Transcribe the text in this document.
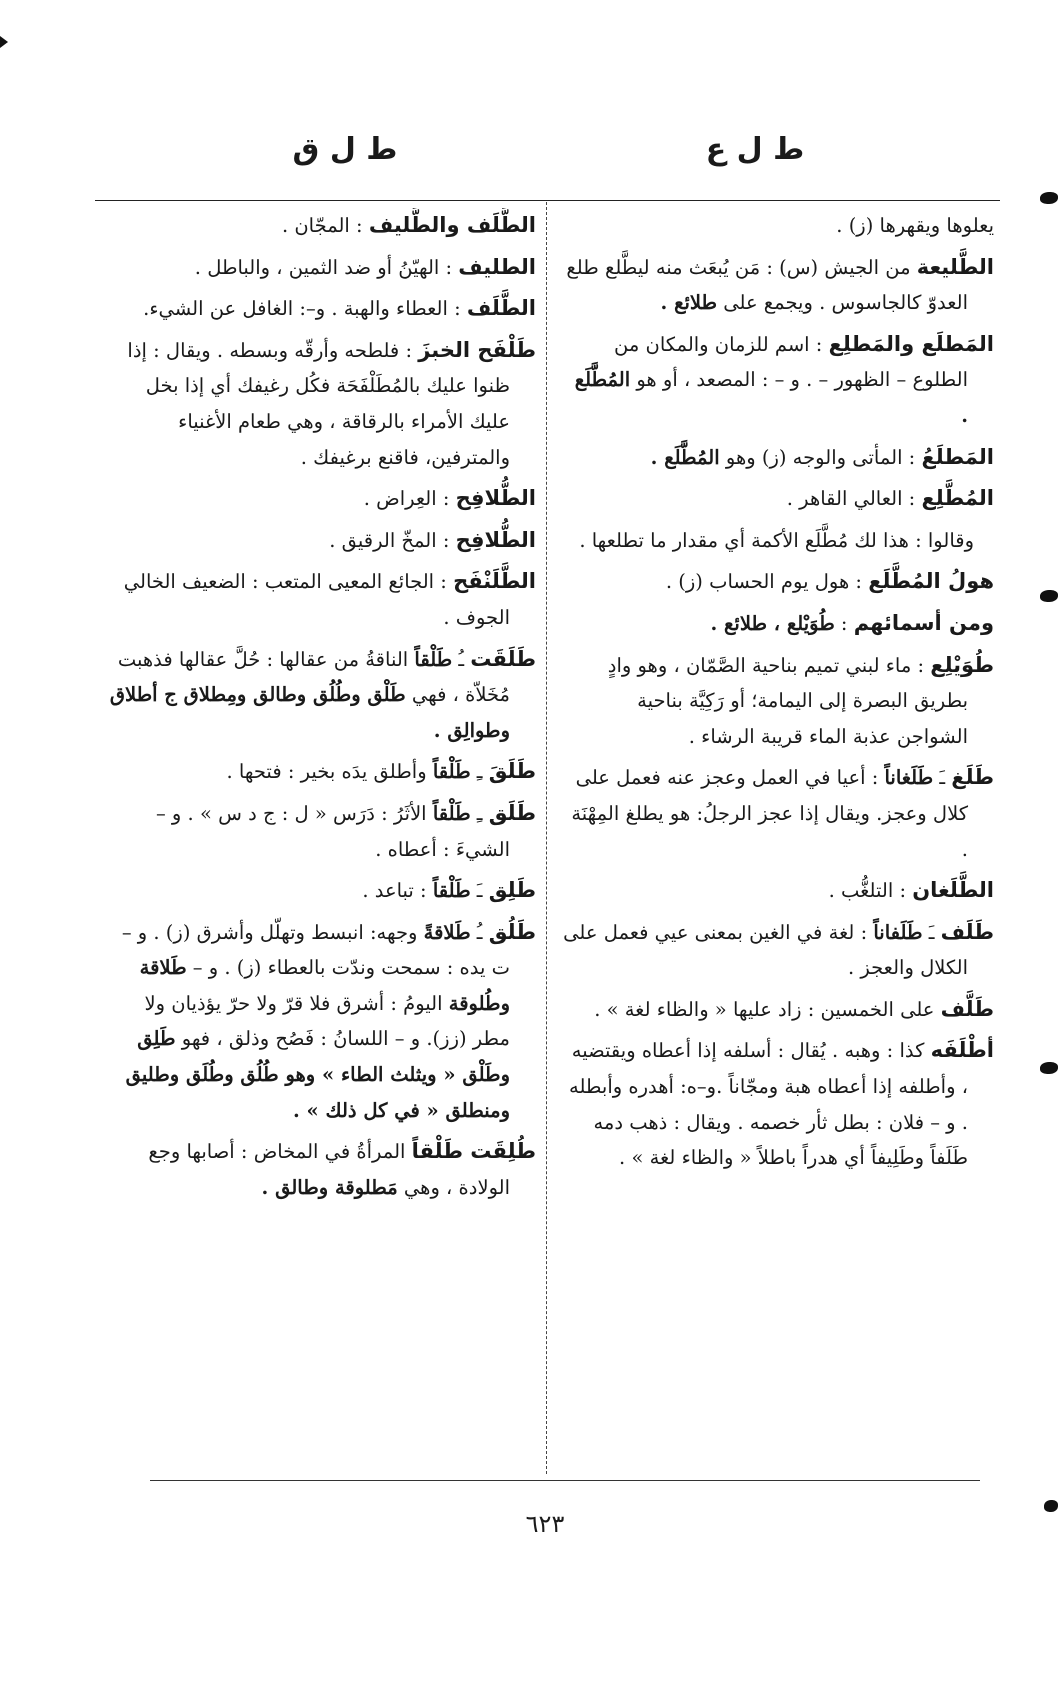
ط ل ع
ط ل ق

يعلوها ويقهرها (ز) .

الطَّليعة من الجيش (س) : مَن يُبعَث منه ليطَّلع طلع العدوّ كالجاسوس . ويجمع على طلائع .

المَطلَع والمَطلِع : اسم للزمان والمكان من الطلوع – الظهور – . و – : المصعد ، أو هو المُطَّلَع .

المَطلَعُ : المأتى والوجه (ز) وهو المُطَّلَع .

المُطَّلِع : العالي القاهر .

وقالوا : هذا لك مُطَّلَع الأكمة أي مقدار ما تطلعها .

هولُ المُطَّلَع : هول يوم الحساب (ز) .

ومن أسمائهم : طُوَيْلع ، طلائع .

طُوَيْلِع : ماء لبني تميم بناحية الصَّمّان ، وهو وادٍ بطريق البصرة إلى اليمامة؛ أو رَكِيَّة بناحية الشواجن عذبة الماء قريبة الرشاء .

طَلَغ ـَ طَلَغاناً : أعيا في العمل وعجز عنه فعمل على كلال وعجز. ويقال إذا عجز الرجلُ: هو يطلغ المِهْنَة .

الطَّلَغان : التلغُّب .

طَلَف ـَ طَلَفاناً : لغة في الغين بمعنى عيي فعمل على الكلال والعجز .

طَلَّف على الخمسين : زاد عليها « والظاء لغة » .

أطْلَفَه كذا : وهبه . يُقال : أسلفه إذا أعطاه ويقتضيه ، وأطلفه إذا أعطاه هبة ومجّاناً .و–ه: أهدره وأبطله . و – فلان : بطل ثأر خصمه . ويقال : ذهب دمه طَلَفاً وطَلِيفاً أي هدراً باطلاً « والظاء لغة » .

الطَّلَف والطَّليف : المجّان .

الطليف : الهيّنُ أو ضد الثمين ، والباطل .

الطَّلَف : العطاء والهبة . و–: الغافل عن الشيء.

طَلْفَح الخبزَ : فلطحه وأرقّه وبسطه . ويقال : إذا ظنوا عليك بالمُطَلْفَحَة فكُل رغيفك أي إذا بخل عليك الأمراء بالرقاقة ، وهي طعام الأغنياء والمترفين، فاقنع برغيفك .

الطُّلافِح : العِراض .

الطُّلافِح : المخّ الرقيق .

الطَّلَنْفَح : الجائع المعيى المتعب : الضعيف الخالي الجوف .

طَلَقَت ـُ طَلْقاً الناقةُ من عقالها : حُلَّ عقالها فذهبت مُخَلاّة ، فهي طَلْق وطُلُق وطالق ومِطلاق ج أطلاق وطوالِق .

طَلَقَ ـِ طَلْقاً وأطلق يدَه بخير : فتحها .

طَلَق ـِ طَلْقاً الأثَرُ : دَرَس « ل : ج د س » . و – الشيءَ : أعطاه .

طَلِق ـَ طَلْقاً : تباعد .

طَلُق ـُ طَلاقةً وجهه: انبسط وتهلّل وأشرق (ز) . و – ت يده : سمحت وندّت بالعطاء (ز) . و – طَلاقة وطُلوقة اليومُ : أشرق فلا قرّ ولا حرّ يؤذيان ولا مطر (زز). و – اللسانُ : فَصُح وذلق ، فهو طَلِق وطَلْق « ويثلث الطاء » وهو طُلُق وطُلَق وطليق ومنطلق « في كل ذلك » .

طُلِقَت طَلْقاً المرأةُ في المخاض : أصابها وجع الولادة ، وهي مَطلوقة وطالق .

٦٢٣
